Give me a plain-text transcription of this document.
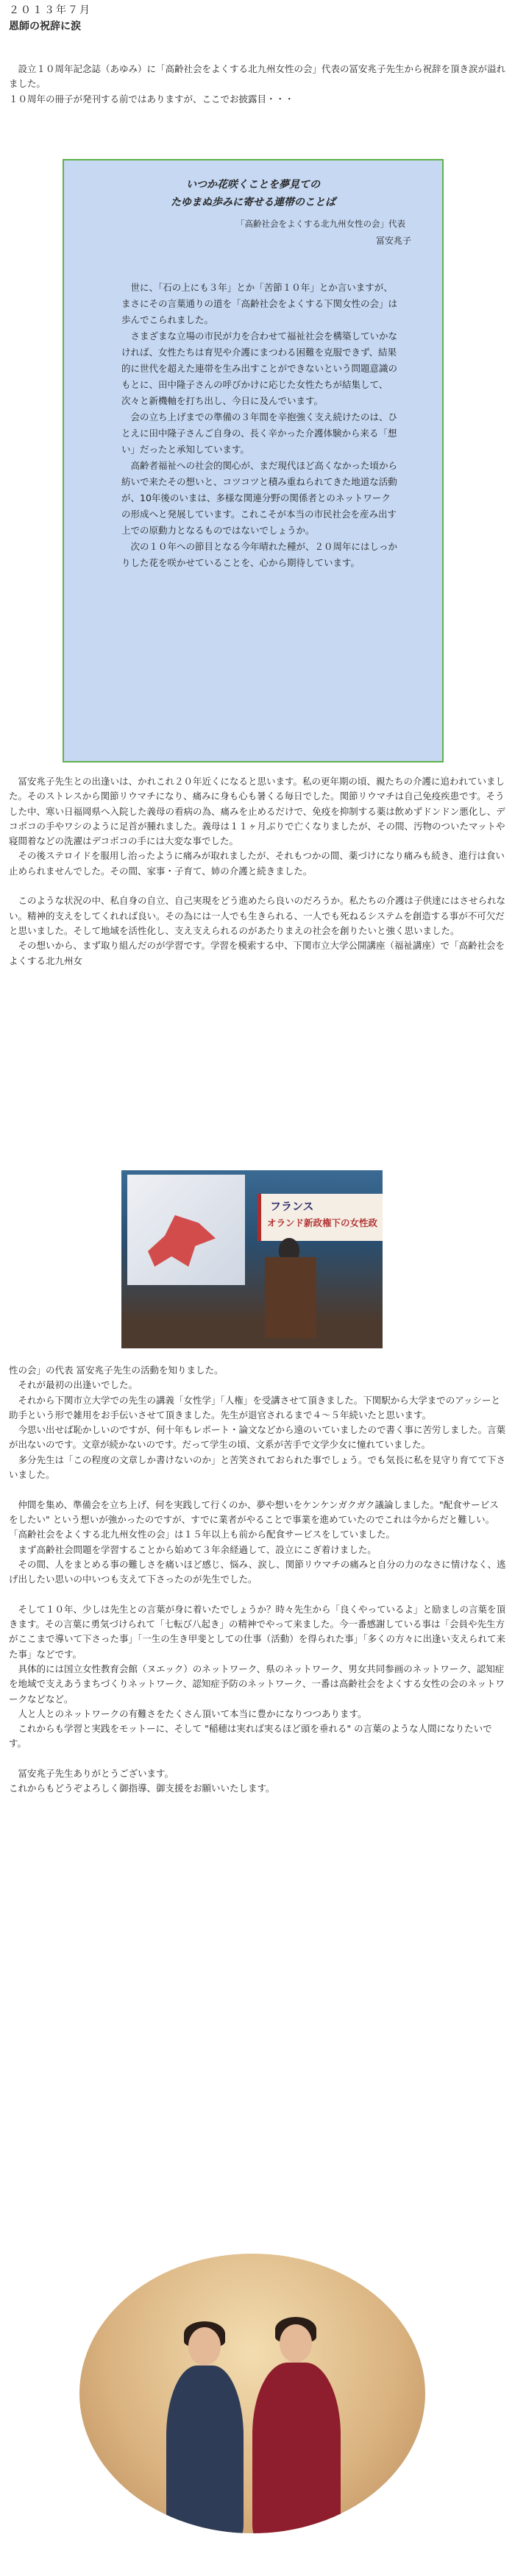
２０１３年７月
恩師の祝辞に涙
　設立１０周年記念誌（あゆみ）に「高齢社会をよくする北九州女性の会」代表の冨安兆子先生から祝辞を頂き涙が溢れました。
１０周年の冊子が発刊する前ではありますが、ここでお披露目・・・
いつか花咲くことを夢見ての
たゆまぬ歩みに寄せる連帯のことば
「高齢社会をよくする北九州女性の会」代表
冨安兆子
　世に、「石の上にも３年」とか「苦節１０年」とか言いますが、まさにその言葉通りの道を「高齢社会をよくする下関女性の会」は歩んでこられました。
　さまざまな立場の市民が力を合わせて福祉社会を構築していかなければ、女性たちは育児や介護にまつわる困難を克服できず、結果的に世代を超えた連帯を生み出すことができないという問題意識のもとに、田中隆子さんの呼びかけに応じた女性たちが結集して、次々と新機軸を打ち出し、今日に及んでいます。
　会の立ち上げまでの準備の３年間を辛抱強く支え続けたのは、ひとえに田中隆子さんご自身の、長く辛かった介護体験から来る「想い」だったと承知しています。
　高齢者福祉への社会的関心が、まだ現代ほど高くなかった頃から紡いで来たその想いと、コツコツと積み重ねられてきた地道な活動が、10年後のいまは、多様な関連分野の関係者とのネットワークの形成へと発展しています。これこそが本当の市民社会を産み出す上での原動力となるものではないでしょうか。
　次の１０年への節目となる今年晴れた種が、２０周年にはしっかりした花を咲かせていることを、心から期待しています。
　冨安兆子先生との出逢いは、かれこれ２０年近くになると思います。私の更年期の頃、親たちの介護に追われていました。そのストレスから関節リウマチになり、痛みに身も心も暑くる毎日でした。関節リウマチは自己免疫疾患です。そうした中、寒い日福岡県へ入院した義母の看病の為、痛みを止めるだけで、免疫を抑制する薬は飲めずドンドン悪化し、デコボコの手やワシのように足首が腫れました。義母は１１ヶ月ぶりで亡くなりましたが、その間、汚物のついたマットや寝間着などの洗濯はデコボコの手には大変な事でした。
　その後ステロイドを服用し治ったように痛みが取れましたが、それもつかの間、薬づけになり痛みも続き、進行は食い止められませんでした。その間、家事・子育て、姉の介護と続きました。

　このような状況の中、私自身の自立、自己実現をどう進めたら良いのだろうか。私たちの介護は子供達にはさせられない。精神的支えをしてくれれば良い。その為には一人でも生きられる、一人でも死ねるシステムを創造する事が不可欠だと思いました。そして地域を活性化し、支え支えられるのがあたりまえの社会を創りたいと強く思いました。
　その想いから、まず取り組んだのが学習です。学習を模索する中、下関市立大学公開講座（福祉講座）で「高齢社会をよくする北九州女
フランス
オランド新政権下の女性政
性の会」の代表 冨安兆子先生の活動を知りました。
　それが最初の出逢いでした。
　それから下関市立大学での先生の講義「女性学」「人権」を受講させて頂きました。下関駅から大学までのアッシーと助手という形で雑用をお手伝いさせて頂きました。先生が退官されるまで４～５年続いたと思います。
　今思い出せば恥かしいのですが、何十年もレポート・論文などから遠のいていましたので書く事に苦労しました。言葉が出ないのです。文章が続かないのです。だって学生の頃、文系が苦手で文学少女に憧れていました。
　多分先生は「この程度の文章しか書けないのか」と苦笑されておられた事でしょう。でも気長に私を見守り育てて下さいました。

　仲間を集め、準備会を立ち上げ、何を実践して行くのか、夢や想いをケンケンガクガク議論しました。"配食サービスをしたい" という想いが強かったのですが、すでに業者がやることで事業を進めていたのでこれは今からだと難しい。「高齢社会をよくする北九州女性の会」は１５年以上も前から配食サービスをしていました。
　まず高齢社会問題を学習することから始めて３年余経過して、設立にこぎ着けました。
　その間、人をまとめる事の難しさを痛いほど感じ、悩み、涙し、関節リウマチの痛みと自分の力のなさに情けなく、逃げ出したい思いの中いつも支えて下さったのが先生でした。

　そして１０年、少しは先生との言葉が身に着いたでしょうか？時々先生から「良くやっているよ」と励ましの言葉を頂きます。その言葉に勇気づけられて「七転び八起き」の精神でやって来ました。今一番感謝している事は「会員や先生方がここまで導いて下さった事」「一生の生き甲斐としての仕事（活動）を得られた事」「多くの方々に出逢い支えられて来た事」などです。
　具体的には国立女性教育会館（ヌエック）のネットワーク、県のネットワーク、男女共同参画のネットワーク、認知症を地域で支えあうまちづくりネットワーク、認知症予防のネットワーク、一番は高齢社会をよくする女性の会のネットワークなどなど。
　人と人とのネットワークの有難さをたくさん頂いて本当に豊かになりつつあります。
　これからも学習と実践をモットーに、そして "稲穂は実れば実るほど頭を垂れる" の言葉のような人間になりたいです。

　冨安兆子先生ありがとうございます。
これからもどうぞよろしく御指導、御支援をお願いいたします。
